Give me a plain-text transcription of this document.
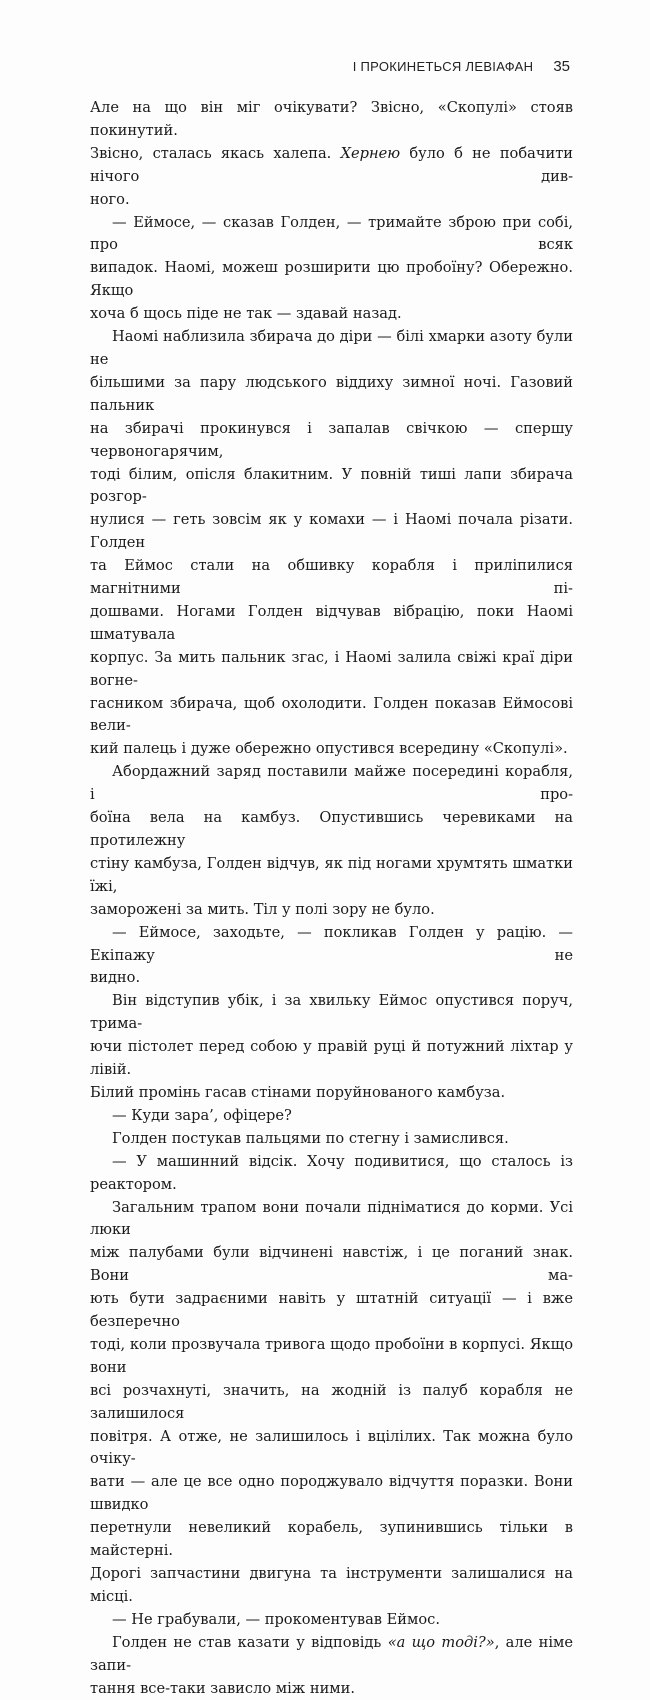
І ПРОКИНЕТЬСЯ ЛЕВІАФАН 35

Але на що він міг очікувати? Звісно, «Скопулі» стояв покинутий.
Звісно, сталась якась халепа. Хернею було б не побачити нічого див-
ного.

— Еймосе, — сказав Голден, — тримайте зброю при собі, про всяк
випадок. Наомі, можеш розширити цю пробоїну? Обережно. Якщо
хоча б щось піде не так — здавай назад.

Наомі наблизила збирача до діри — білі хмарки азоту були не
більшими за пару людського віддиху зимної ночі. Газовий пальник
на збирачі прокинувся і запалав свічкою — спершу червоногарячим,
тоді білим, опісля блакитним. У повній тиші лапи збирача розгор-
нулися — геть зовсім як у комахи — і Наомі почала різати. Голден
та Еймос стали на обшивку корабля і приліпилися магнітними пі-
дошвами. Ногами Голден відчував вібрацію, поки Наомі шматувала
корпус. За мить пальник згас, і Наомі залила свіжі краї діри вогне-
гасником збирача, щоб охолодити. Голден показав Еймосові вели-
кий палець і дуже обережно опустився всередину «Скопулі».

Абордажний заряд поставили майже посередині корабля, і про-
боїна вела на камбуз. Опустившись черевиками на протилежну
стіну камбуза, Голден відчув, як під ногами хрумтять шматки їжі,
заморожені за мить. Тіл у полі зору не було.

— Еймосе, заходьте, — покликав Голден у рацію. — Екіпажу не
видно.

Він відступив убік, і за хвильку Еймос опустився поруч, трима-
ючи пістолет перед собою у правій руці й потужний ліхтар у лівій.
Білий промінь гасав стінами поруйнованого камбуза.

— Куди зара’, офіцере?

Голден постукав пальцями по стегну і замислився.

— У машинний відсік. Хочу подивитися, що сталось із реактором.

Загальним трапом вони почали підніматися до корми. Усі люки
між палубами були відчинені навстіж, і це поганий знак. Вони ма-
ють бути задраєними навіть у штатній ситуації — і вже безперечно
тоді, коли прозвучала тривога щодо пробоїни в корпусі. Якщо вони
всі розчахнуті, значить, на жодній із палуб корабля не залишилося
повітря. А отже, не залишилось і вцілілих. Так можна було очіку-
вати — але це все одно породжувало відчуття поразки. Вони швидко
перетнули невеликий корабель, зупинившись тільки в майстерні.
Дорогі запчастини двигуна та інструменти залишалися на місці.

— Не грабували, — прокоментував Еймос.

Голден не став казати у відповідь «а що тоді?», але німе запи-
тання все-таки зависло між ними.
